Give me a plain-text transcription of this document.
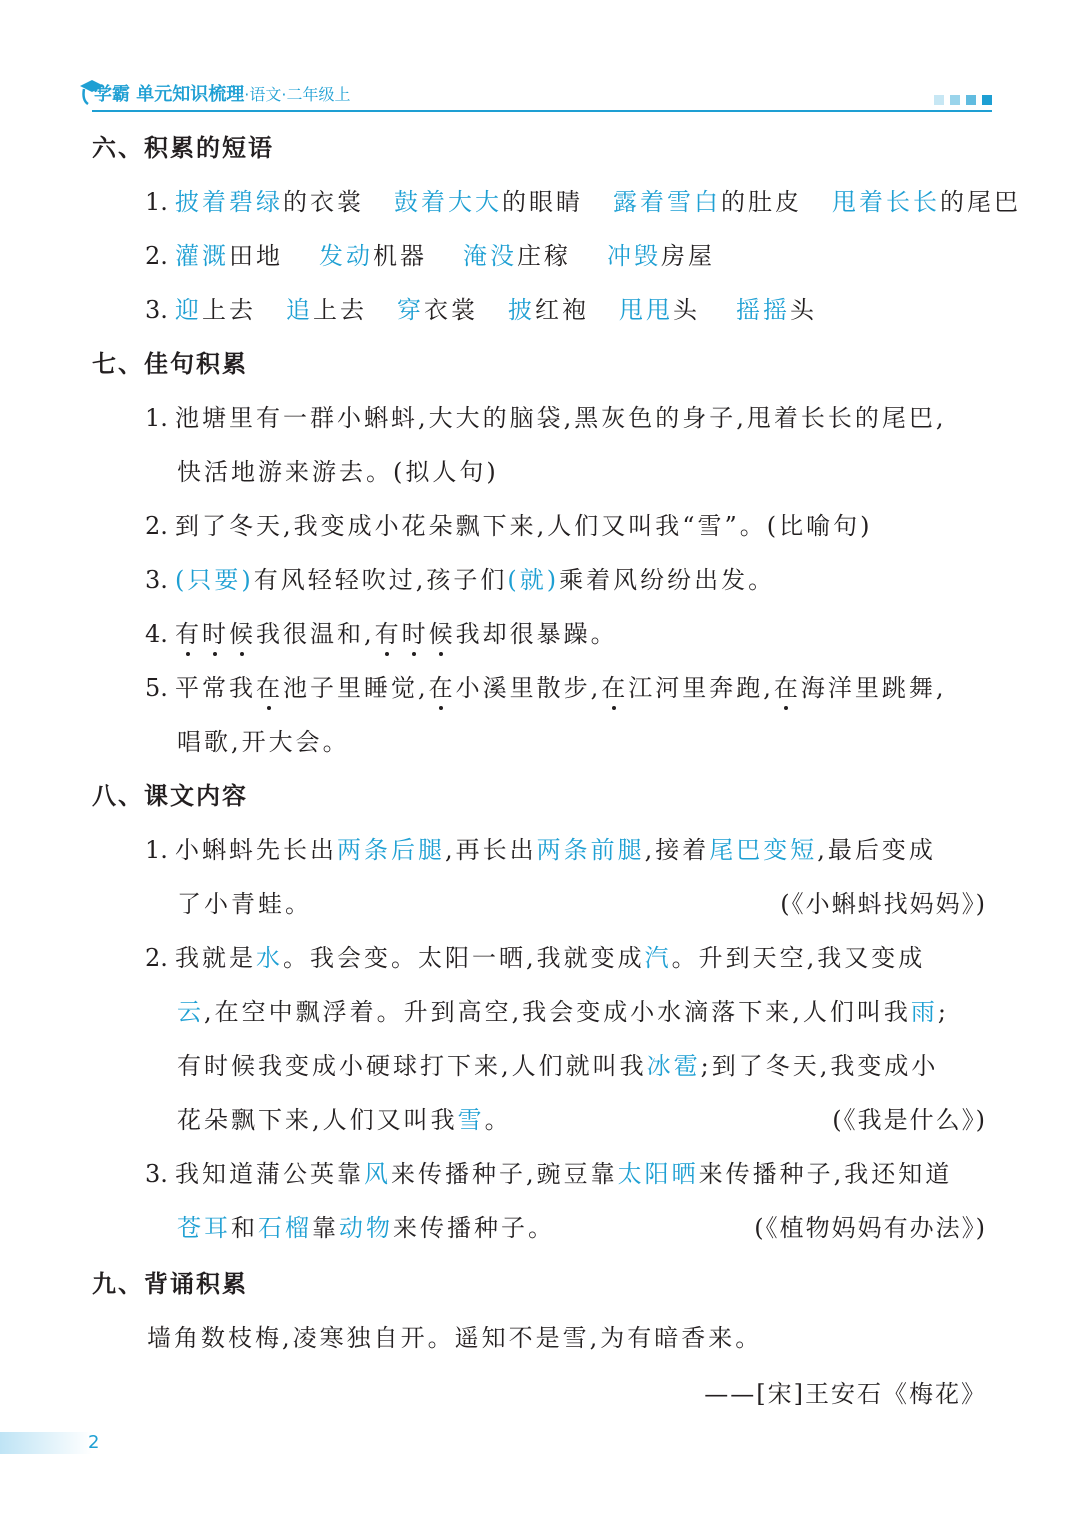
学霸 单元知识梳理·语文·二年级上
六、积累的短语
1. 披着碧绿的衣裳 鼓着大大的眼睛 露着雪白的肚皮 甩着长长的尾巴
2. 灌溉田地 发动机器 淹没庄稼 冲毁房屋
3. 迎上去 追上去 穿衣裳 披红袍 甩甩头 摇摇头
七、佳句积累
1. 池塘里有一群小蝌蚪,大大的脑袋,黑灰色的身子,甩着长长的尾巴,
快活地游来游去。(拟人句)
2. 到了冬天,我变成小花朵飘下来,人们又叫我“雪”。(比喻句)
3. (只要)有风轻轻吹过,孩子们(就)乘着风纷纷出发。
4. 有时候我很温和,有时候我却很暴躁。
5. 平常我在池子里睡觉,在小溪里散步,在江河里奔跑,在海洋里跳舞,
唱歌,开大会。
八、课文内容
1. 小蝌蚪先长出两条后腿,再长出两条前腿,接着尾巴变短,最后变成
了小青蛙。	(《小蝌蚪找妈妈》)
2. 我就是水。我会变。太阳一晒,我就变成汽。升到天空,我又变成
云,在空中飘浮着。升到高空,我会变成小水滴落下来,人们叫我雨;
有时候我变成小硬球打下来,人们就叫我冰雹;到了冬天,我变成小
花朵飘下来,人们又叫我雪。	(《我是什么》)
3. 我知道蒲公英靠风来传播种子,豌豆靠太阳晒来传播种子,我还知道
苍耳和石榴靠动物来传播种子。	(《植物妈妈有办法》)
九、背诵积累
墙角数枝梅,凌寒独自开。遥知不是雪,为有暗香来。
——[宋]王安石《梅花》
2
